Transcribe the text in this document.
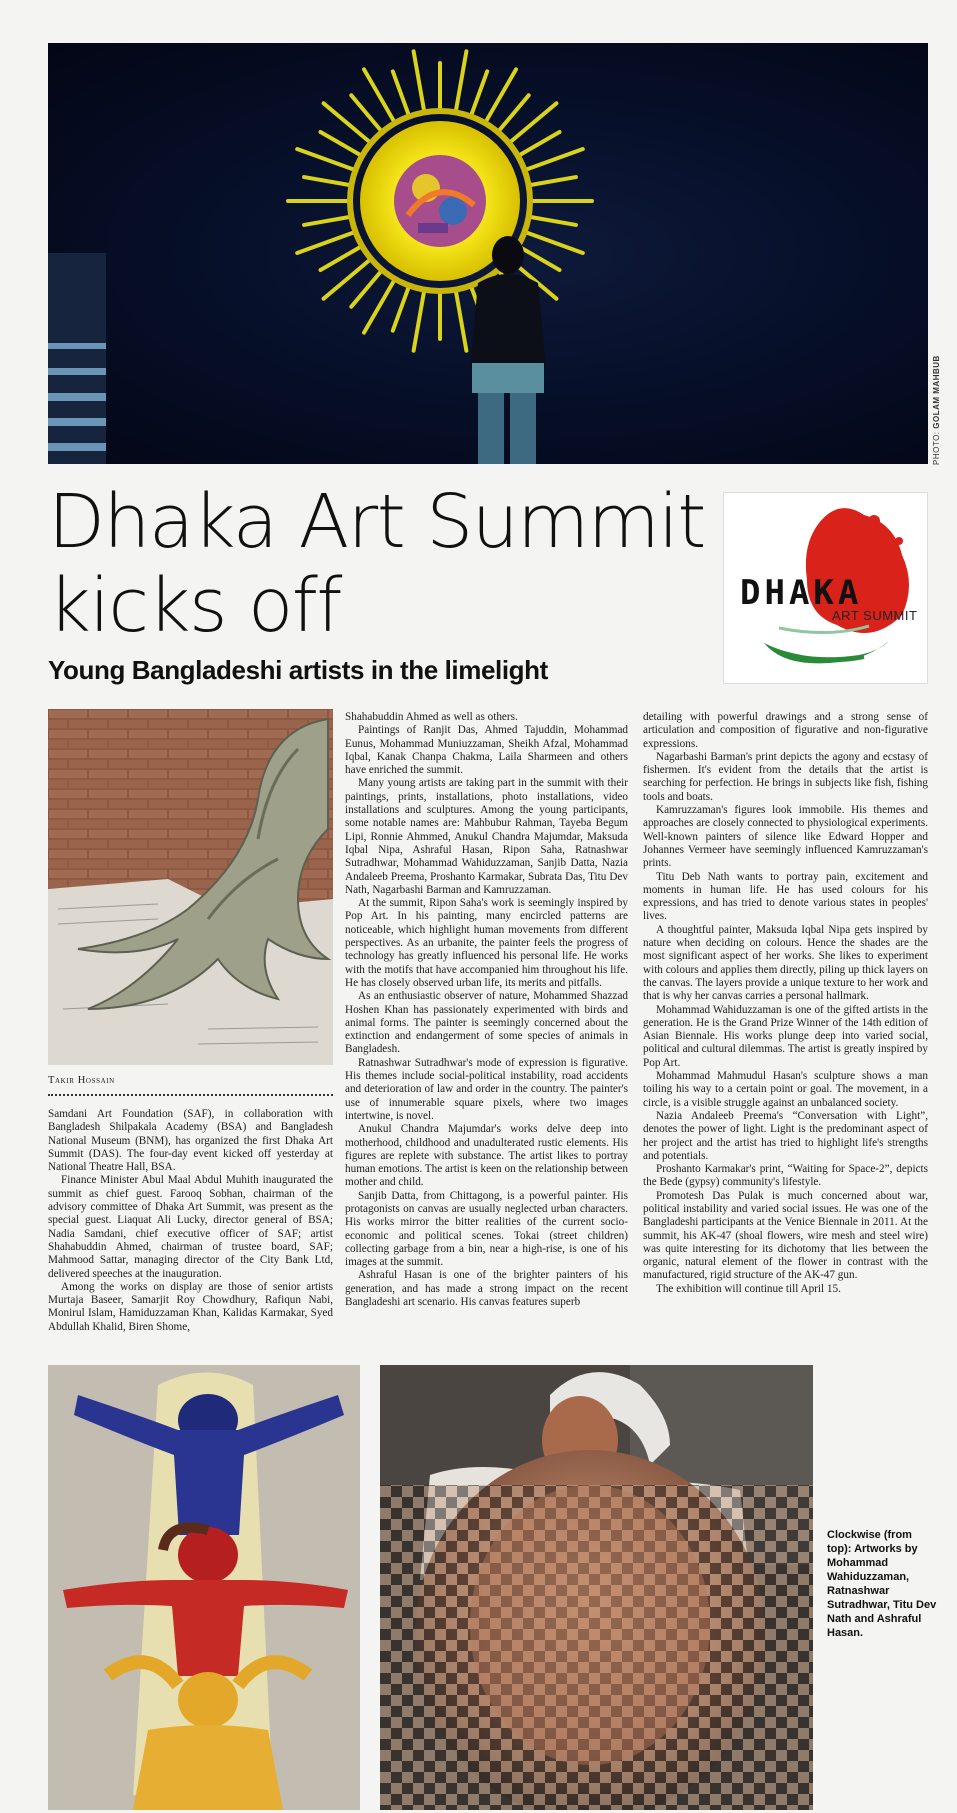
PHOTO: GOLAM MAHBUB
Dhaka Art Summit
kicks off
Young Bangladeshi artists in the limelight
DHAKA
ART SUMMIT
Takir Hossain

Samdani Art Foundation (SAF), in collaboration with Bangladesh Shilpakala Academy (BSA) and Bangladesh National Museum (BNM), has organized the first Dhaka Art Summit (DAS). The four-day event kicked off yesterday at National Theatre Hall, BSA.

Finance Minister Abul Maal Abdul Muhith inaugurated the summit as chief guest. Farooq Sobhan, chairman of the advisory committee of Dhaka Art Summit, was present as the special guest. Liaquat Ali Lucky, director general of BSA; Nadia Samdani, chief executive officer of SAF; artist Shahabuddin Ahmed, chairman of trustee board, SAF; Mahmood Sattar, managing director of the City Bank Ltd, delivered speeches at the inauguration.

Among the works on display are those of senior artists Murtaja Baseer, Samarjit Roy Chowdhury, Rafiqun Nabi, Monirul Islam, Hamiduzzaman Khan, Kalidas Karmakar, Syed Abdullah Khalid, Biren Shome,

Shahabuddin Ahmed as well as others.

Paintings of Ranjit Das, Ahmed Tajuddin, Mohammad Eunus, Mohammad Muniuzzaman, Sheikh Afzal, Mohammad Iqbal, Kanak Chanpa Chakma, Laila Sharmeen and others have enriched the summit.

Many young artists are taking part in the summit with their paintings, prints, installations, photo installations, video installations and sculptures. Among the young participants, some notable names are: Mahbubur Rahman, Tayeba Begum Lipi, Ronnie Ahmmed, Anukul Chandra Majumdar, Maksuda Iqbal Nipa, Ashraful Hasan, Ripon Saha, Ratnashwar Sutradhwar, Mohammad Wahiduzzaman, Sanjib Datta, Nazia Andaleeb Preema, Proshanto Karmakar, Subrata Das, Titu Dev Nath, Nagarbashi Barman and Kamruzzaman.

At the summit, Ripon Saha's work is seemingly inspired by Pop Art. In his painting, many encircled patterns are noticeable, which highlight human movements from different perspectives. As an urbanite, the painter feels the progress of technology has greatly influenced his personal life. He works with the motifs that have accompanied him throughout his life. He has closely observed urban life, its merits and pitfalls.

As an enthusiastic observer of nature, Mohammed Shazzad Hoshen Khan has passionately experimented with birds and animal forms. The painter is seemingly concerned about the extinction and endangerment of some species of animals in Bangladesh.

Ratnashwar Sutradhwar's mode of expression is figurative. His themes include social-political instability, road accidents and deterioration of law and order in the country. The painter's use of innumerable square pixels, where two images intertwine, is novel.

Anukul Chandra Majumdar's works delve deep into motherhood, childhood and unadulterated rustic elements. His figures are replete with substance. The artist likes to portray human emotions. The artist is keen on the relationship between mother and child.

Sanjib Datta, from Chittagong, is a powerful painter. His protagonists on canvas are usually neglected urban characters. His works mirror the bitter realities of the current socio-economic and political scenes. Tokai (street children) collecting garbage from a bin, near a high-rise, is one of his images at the summit.

Ashraful Hasan is one of the brighter painters of his generation, and has made a strong impact on the recent Bangladeshi art scenario. His canvas features superb

detailing with powerful drawings and a strong sense of articulation and composition of figurative and non-figurative expressions.

Nagarbashi Barman's print depicts the agony and ecstasy of fishermen. It's evident from the details that the artist is searching for perfection. He brings in subjects like fish, fishing tools and boats.

Kamruzzaman's figures look immobile. His themes and approaches are closely connected to physiological experiments. Well-known painters of silence like Edward Hopper and Johannes Vermeer have seemingly influenced Kamruzzaman's prints.

Titu Deb Nath wants to portray pain, excitement and moments in human life. He has used colours for his expressions, and has tried to denote various states in peoples' lives.

A thoughtful painter, Maksuda Iqbal Nipa gets inspired by nature when deciding on colours. Hence the shades are the most significant aspect of her works. She likes to experiment with colours and applies them directly, piling up thick layers on the canvas. The layers provide a unique texture to her work and that is why her canvas carries a personal hallmark.

Mohammad Wahiduzzaman is one of the gifted artists in the generation. He is the Grand Prize Winner of the 14th edition of Asian Biennale. His works plunge deep into varied social, political and cultural dilemmas. The artist is greatly inspired by Pop Art.

Mohammad Mahmudul Hasan's sculpture shows a man toiling his way to a certain point or goal. The movement, in a circle, is a visible struggle against an unbalanced society.

Nazia Andaleeb Preema's “Conversation with Light”, denotes the power of light. Light is the predominant aspect of her project and the artist has tried to highlight life's strengths and potentials.

Proshanto Karmakar's print, “Waiting for Space-2”, depicts the Bede (gypsy) community's lifestyle.

Promotesh Das Pulak is much concerned about war, political instability and varied social issues. He was one of the Bangladeshi participants at the Venice Biennale in 2011. At the summit, his AK-47 (shoal flowers, wire mesh and steel wire) was quite interesting for its dichotomy that lies between the organic, natural element of the flower in contrast with the manufactured, rigid structure of the AK-47 gun.

The exhibition will continue till April 15.

Clockwise (from top): Artworks by Mohammad Wahiduzzaman, Ratnashwar Sutradhwar, Titu Dev Nath and Ashraful Hasan.
